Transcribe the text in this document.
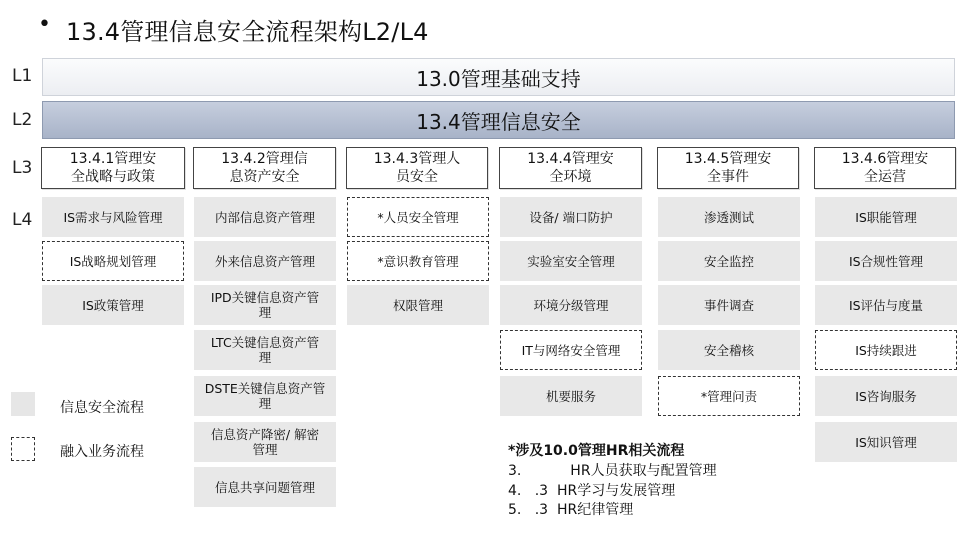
• 13.4管理信息安全流程架构L2/L4
L1
L2
L3
L4
13.0管理基础支持
13.4管理信息安全
13.4.1管理安
全战略与政策
IS需求与风险管理
IS战略规划管理
IS政策管理
13.4.2管理信
息资产安全
内部信息资产管理
外来信息资产管理
IPD关键信息资产管
理
LTC关键信息资产管
理
DSTE关键信息资产管
理
信息资产降密/ 解密
管理
信息共享问题管理
13.4.3管理人
员安全
*人员安全管理
*意识教育管理
权限管理
13.4.4管理安
全环境
设备/ 端口防护
实验室安全管理
环境分级管理
IT与网络安全管理
机要服务
13.4.5管理安
全事件
渗透测试
安全监控
事件调查
安全稽核
*管理问责
13.4.6管理安
全运营
IS职能管理
IS合规性管理
IS评估与度量
IS持续跟进
IS咨询服务
IS知识管理
信息安全流程
融入业务流程	*涉及10.0管理HR相关流程
3.           HR人员获取与配置管理
4.   .3  HR学习与发展管理
5.   .3  HR纪律管理
